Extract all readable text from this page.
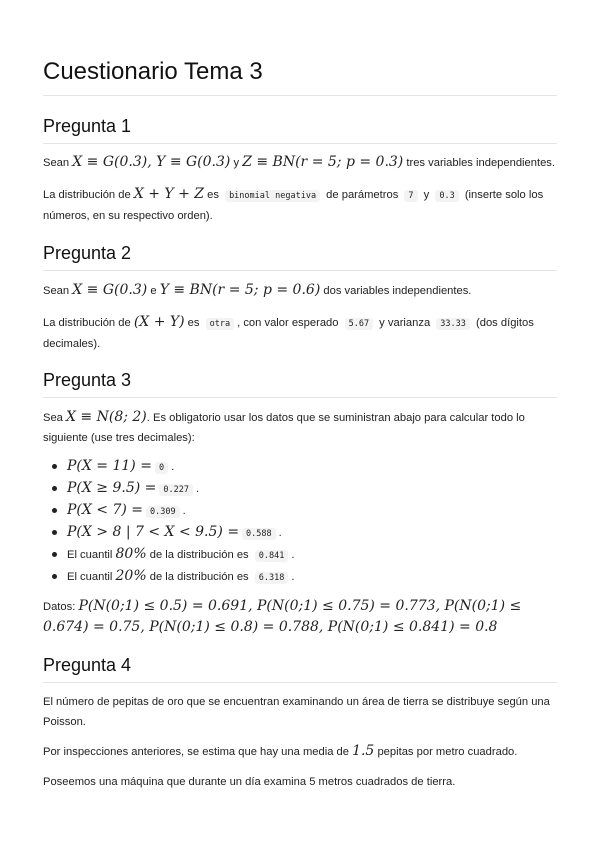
Cuestionario Tema 3
Pregunta 1
Sean X ≡ G(0.3), Y ≡ G(0.3) y Z ≡ BN(r = 5; p = 0.3) tres variables independientes.
La distribución de X + Y + Z es binomial negativa de parámetros 7 y 0.3 (inserte solo los números, en su respectivo orden).
Pregunta 2
Sean X ≡ G(0.3) e Y ≡ BN(r = 5; p = 0.6) dos variables independientes.
La distribución de (X + Y) es otra , con valor esperado 5.67 y varianza 33.33 (dos dígitos decimales).
Pregunta 3
Sea X ≡ N(8; 2). Es obligatorio usar los datos que se suministran abajo para calcular todo lo siguiente (use tres decimales):
P(X = 11) = 0 .
P(X ≥ 9.5) = 0.227 .
P(X < 7) = 0.309 .
P(X > 8 | 7 < X < 9.5) = 0.588 .
El cuantil 80% de la distribución es 0.841 .
El cuantil 20% de la distribución es 6.318 .
Datos: P(N(0;1) ≤ 0.5) = 0.691, P(N(0;1) ≤ 0.75) = 0.773, P(N(0;1) ≤ 0.674) = 0.75, P(N(0;1) ≤ 0.8) = 0.788, P(N(0;1) ≤ 0.841) = 0.8
Pregunta 4
El número de pepitas de oro que se encuentran examinando un área de tierra se distribuye según una Poisson.
Por inspecciones anteriores, se estima que hay una media de 1.5 pepitas por metro cuadrado.
Poseemos una máquina que durante un día examina 5 metros cuadrados de tierra.
